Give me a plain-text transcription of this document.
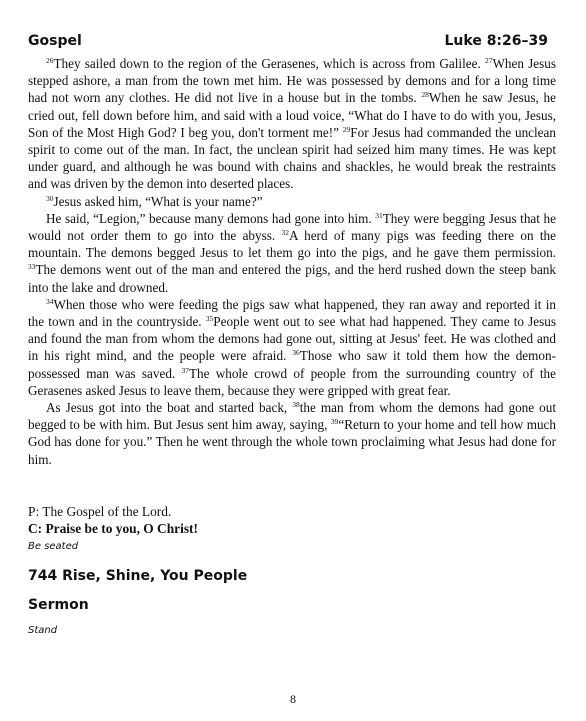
Gospel	Luke 8:26–39

$^{26}$They sailed down to the region of the Gerasenes, which is across from Galilee. $^{27}$When Jesus stepped ashore, a man from the town met him. He was possessed by demons and for a long time had not worn any clothes. He did not live in a house but in the tombs. $^{28}$When he saw Jesus, he cried out, fell down before him, and said with a loud voice, “What do I have to do with you, Jesus, Son of the Most High God? I beg you, don't torment me!” $^{29}$For Jesus had commanded the unclean spirit to come out of the man. In fact, the unclean spirit had seized him many times. He was kept under guard, and although he was bound with chains and shackles, he would break the restraints and was driven by the demon into deserted places.

$^{30}$Jesus asked him, “What is your name?”

He said, “Legion,” because many demons had gone into him. $^{31}$They were begging Jesus that he would not order them to go into the abyss. $^{32}$A herd of many pigs was feeding there on the mountain. The demons begged Jesus to let them go into the pigs, and he gave them permission. $^{33}$The demons went out of the man and entered the pigs, and the herd rushed down the steep bank into the lake and drowned.

$^{34}$When those who were feeding the pigs saw what happened, they ran away and reported it in the town and in the countryside. $^{35}$People went out to see what had happened. They came to Jesus and found the man from whom the demons had gone out, sitting at Jesus' feet. He was clothed and in his right mind, and the people were afraid. $^{36}$Those who saw it told them how the demon-possessed man was saved. $^{37}$The whole crowd of people from the surrounding country of the Gerasenes asked Jesus to leave them, because they were gripped with great fear.

As Jesus got into the boat and started back, $^{38}$the man from whom the demons had gone out begged to be with him. But Jesus sent him away, saying, $^{39}$“Return to your home and tell how much God has done for you.” Then he went through the whole town proclaiming what Jesus had done for him.

P: The Gospel of the Lord.
C: Praise be to you, O Christ!
Be seated
744 Rise, Shine, You People
Sermon
Stand
8
